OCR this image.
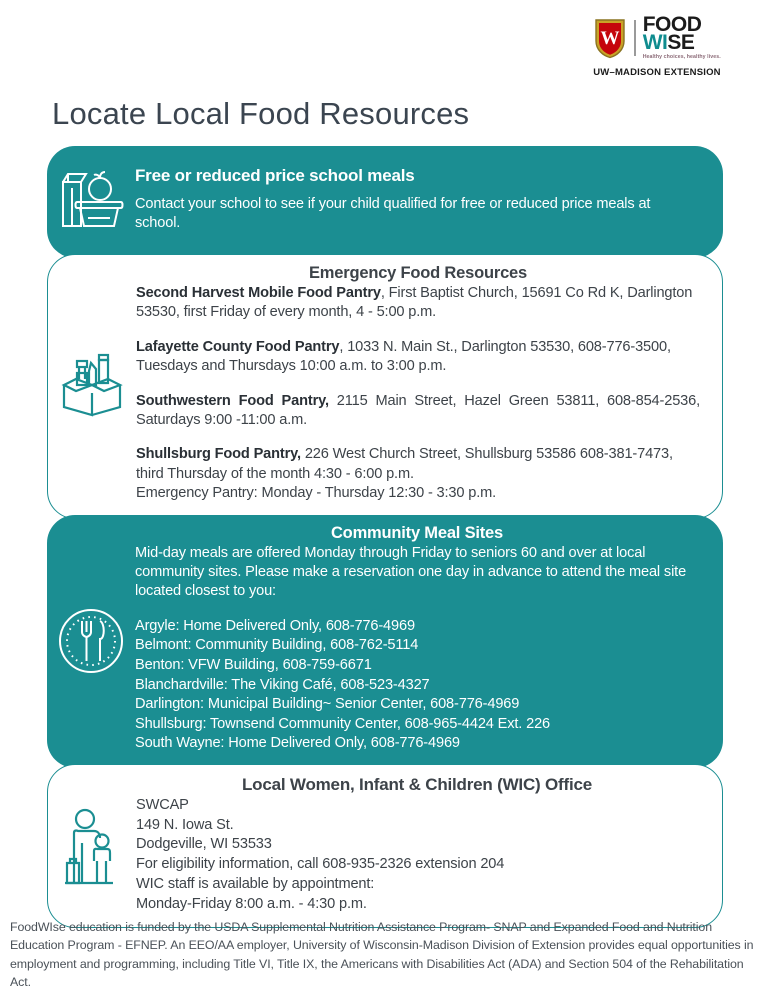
W
FOOD
WISE
Healthy choices, healthy lives.
UW–MADISON EXTENSION
Locate Local Food Resources
Free or reduced price school meals

Contact your school to see if your child qualified for free or reduced price meals at school.

Emergency Food Resources

Second Harvest Mobile Food Pantry, First Baptist Church, 15691 Co Rd K, Darlington 53530, first Friday of every month, 4 - 5:00 p.m.

Lafayette County Food Pantry, 1033 N. Main St., Darlington 53530, 608-776-3500, Tuesdays and Thursdays 10:00 a.m. to 3:00 p.m.

Southwestern Food Pantry, 2115 Main Street, Hazel Green 53811, 608-854-2536, Saturdays 9:00 -11:00 a.m.

Shullsburg Food Pantry, 226 West Church Street, Shullsburg 53586 608-381-7473, third Thursday of the month 4:30 - 6:00 p.m.

Emergency Pantry: Monday - Thursday 12:30 - 3:30 p.m.

Community Meal Sites

Mid-day meals are offered Monday through Friday to seniors 60 and over at local community sites. Please make a reservation one day in advance to attend the meal site located closest to you:

Argyle: Home Delivered Only, 608-776-4969

Belmont: Community Building, 608-762-5114

Benton: VFW Building, 608-759-6671

Blanchardville: The Viking Café, 608-523-4327

Darlington: Municipal Building~ Senior Center, 608-776-4969

Shullsburg: Townsend Community Center, 608-965-4424 Ext. 226

South Wayne: Home Delivered Only, 608-776-4969

Local Women, Infant & Children (WIC) Office

SWCAP

149 N. Iowa St.

Dodgeville, WI 53533

For eligibility information, call 608-935-2326 extension 204

WIC staff is available by appointment:

Monday-Friday 8:00 a.m. - 4:30 p.m.

FoodWIse education is funded by the USDA Supplemental Nutrition Assistance Program- SNAP and Expanded Food and Nutrition Education Program - EFNEP. An EEO/AA employer, University of Wisconsin-Madison Division of Extension provides equal opportunities in employment and programming, including Title VI, Title IX, the Americans with Disabilities Act (ADA) and Section 504 of the Rehabilitation Act.
